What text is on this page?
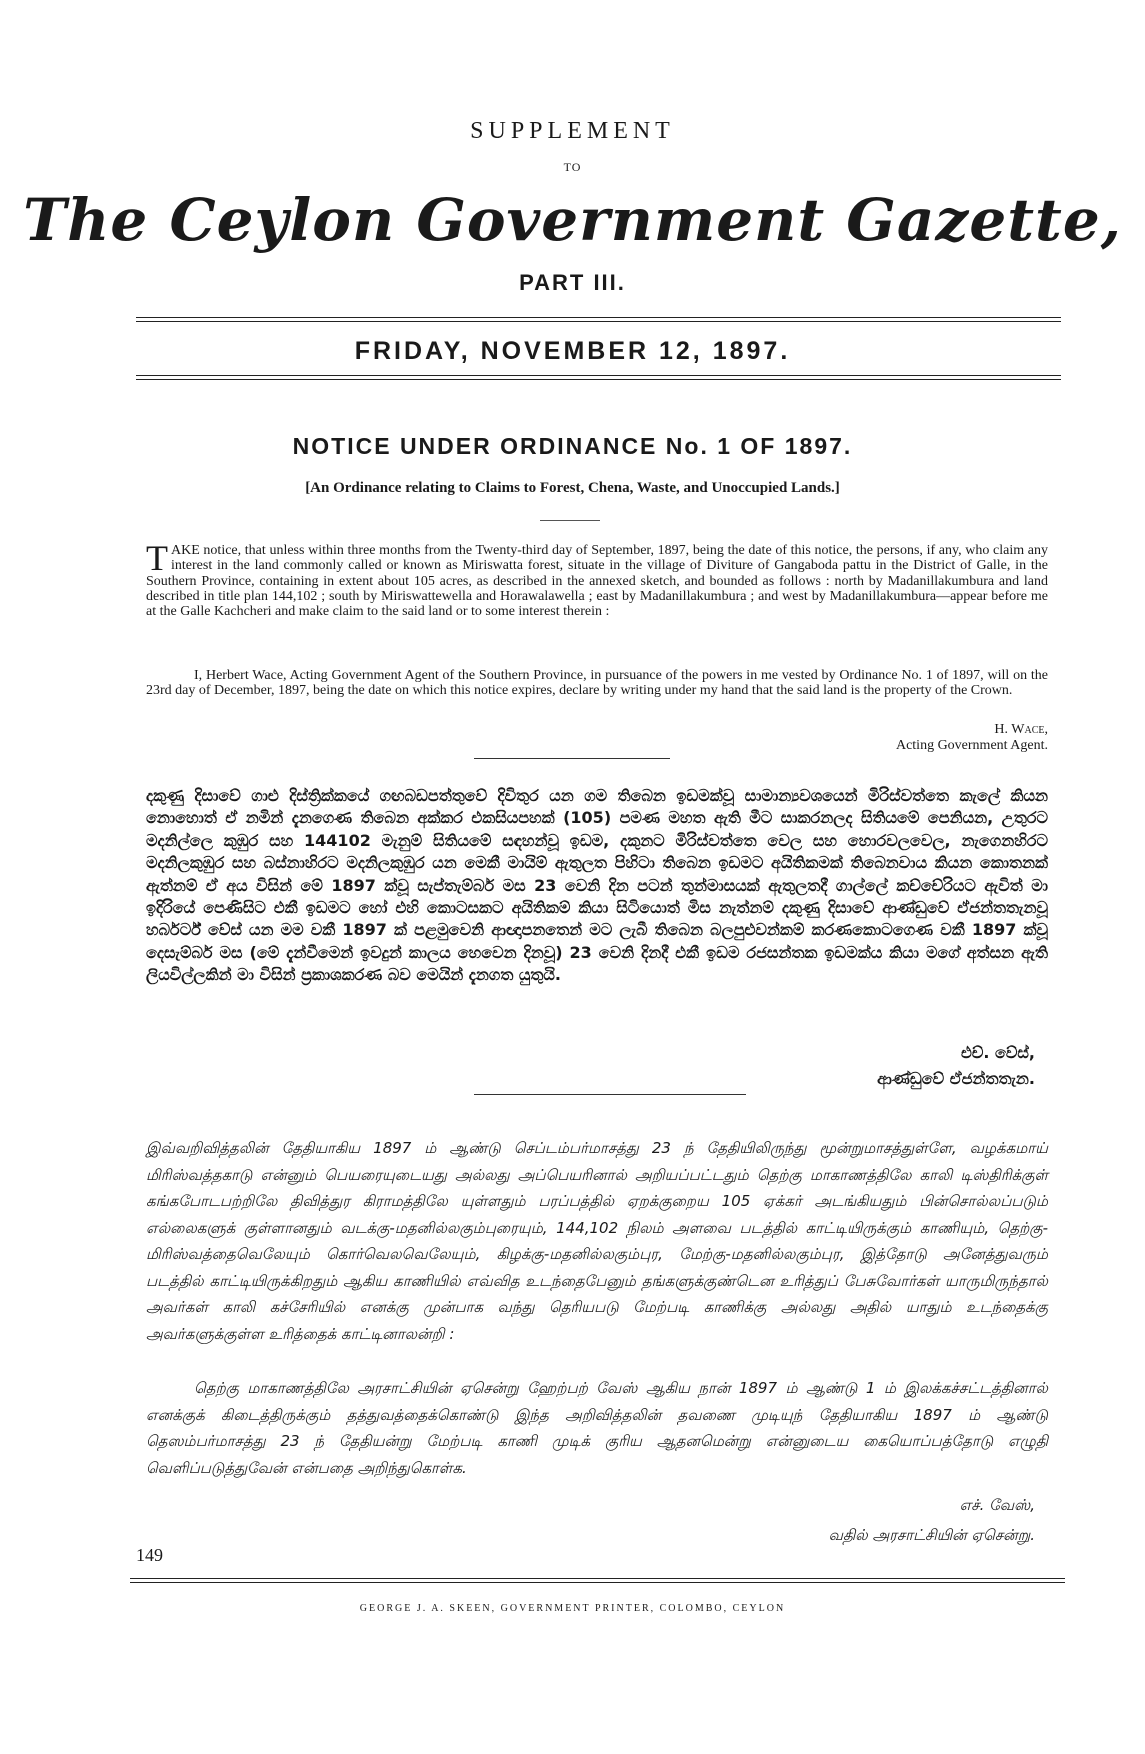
SUPPLEMENT
TO
The Ceylon Government Gazette,
PART III.
FRIDAY, NOVEMBER 12, 1897.
NOTICE UNDER ORDINANCE No. 1 OF 1897.
[An Ordinance relating to Claims to Forest, Chena, Waste, and Unoccupied Lands.]

TAKE notice, that unless within three months from the Twenty-third day of September, 1897, being the date of this notice, the persons, if any, who claim any interest in the land commonly called or known as Miriswatta forest, situate in the village of Diviture of Gangaboda pattu in the District of Galle, in the Southern Province, containing in extent about 105 acres, as described in the annexed sketch, and bounded as follows : north by Madanillakumbura and land described in title plan 144,102 ; south by Miriswattewella and Horawalawella ; east by Madanillakumbura ; and west by Madanillakumbura—appear before me at the Galle Kachcheri and make claim to the said land or to some interest therein :

I, Herbert Wace, Acting Government Agent of the Southern Province, in pursuance of the powers in me vested by Ordinance No. 1 of 1897, will on the 23rd day of December, 1897, being the date on which this notice expires, declare by writing under my hand that the said land is the property of the Crown.

H. Wace,
Acting Government Agent.

දකුණු දිසාවේ ගාළු දිස්ත්‍රික්කයේ ගඟබඩපත්තුවේ දිවිතුර යන ගම තිබෙන ඉඩමක්වූ සාමාන්‍යවශයෙන් මිරිස්වත්තෙ කැලේ කියන නොහොත් ඒ නමින් දැනගෙණ තිබෙන අක්කර එකසියපහක් (105) පමණ මහත ඇති මීට සාකරනලද සිතියමේ පෙනියන, උතුරට මදනිල්ලෙ කුඹුර සහ 144102 මැනුම් සිතියමේ සඳහන්වූ ඉඩම, දකුනට මිරිස්වත්තෙ වෙල සහ හොරවලවෙල, නැගෙනහිරට මදනිලකුඹුර සහ බස්නාහිරට මදනිලකුඹුර යන මෙකී මායිම් ඇතුලත පිහිටා තිබෙන ඉඩමට අයිතිකමක් තිබෙනවාය කියන කොතනක් ඇත්නම් ඒ අය විසින් මේ 1897 ක්වූ සැප්තැම්බර් මස 23 වෙනි දින පටන් තුන්මාසයක් ඇතුලතදී ගාල්ලේ කච්චේරියට ඇවිත් මා ඉදිරියේ පෙණිසිට එකී ඉඩමට හෝ එහි කොටසකට අයිතිකම් කියා සිටියොත් මිස නැත්නම් දකුණු දිසාවේ ආණ්ඩුවේ ඒජන්තතැනවූ හර්බර්ට් වේස් යන මම වකී 1897 ක් පළමුවෙනි ආඥාපනතෙන් මට ලැබී තිබෙන බලපුළුවන්කම් කරණකොටගෙණ වකී 1897 ක්වූ දෙසැම්බර් මස (මේ දැන්වීමෙන් ඉවදුන් කාලය හෙවෙන දිනවූ) 23 වෙනි දිනදී එකී ඉඩම රජසන්තක ඉඩමක්ය කියා මගේ අත්සන ඇති ලියවිල්ලකින් මා විසින් ප්‍රකාශකරණ බව මෙයින් දැනගත යුතුයි.

එච්. වේස්,
ආණ්ඩුවේ ඒජන්තතැන.

இவ்வறிவித்தலின் தேதியாகிய 1897 ம் ஆண்டு செப்டம்பர்மாசத்து 23 ந் தேதியிலிருந்து மூன்றுமாசத்துள்ளே, வழக்கமாய் மிரிஸ்வத்தகாடு என்னும் பெயரையுடையது அல்லது அப்பெயரினால் அறியப்பட்டதும் தெற்கு மாகாணத்திலே காலி டிஸ்திரிக்குள் கங்கபோடபற்றிலே திவித்துர கிராமத்திலே யுள்ளதும் பரப்பத்தில் ஏறக்குறைய 105 ஏக்கர் அடங்கியதும் பின்சொல்லப்படும் எல்லைகளுக் குள்ளானதும் வடக்கு-மதனில்லகும்புரையும், 144,102 நிலம் அளவை படத்தில் காட்டியிருக்கும் காணியும், தெற்கு-மிரிஸ்வத்தைவெலேயும் கொர்வெலவெலேயும், கிழக்கு-மதனில்லகும்புர, மேற்கு-மதனில்லகும்புர, இத்தோடு அனேத்துவரும் படத்தில் காட்டியிருக்கிறதும் ஆகிய காணியில் எவ்வித உடந்தைபேனும் தங்களுக்குண்டென உரித்துப் பேசுவோர்கள் யாருமிருந்தால் அவர்கள் காலி கச்சேரியில் எனக்கு முன்பாக வந்து தெரியபடு மேற்படி காணிக்கு அல்லது அதில் யாதும் உடந்தைக்கு அவர்களுக்குள்ள உரித்தைக் காட்டினாலன்றி :

தெற்கு மாகாணத்திலே அரசாட்சியின் ஏசென்று ஹேற்பற் வேஸ் ஆகிய நான் 1897 ம் ஆண்டு 1 ம் இலக்கச்சட்டத்தினால் எனக்குக் கிடைத்திருக்கும் தத்துவத்தைக்கொண்டு இந்த அறிவித்தலின் தவணை முடியுந் தேதியாகிய 1897 ம் ஆண்டு தெஸம்பர்மாசத்து 23 ந் தேதியன்று மேற்படி காணி முடிக் குரிய ஆதனமென்று என்னுடைய கையொப்பத்தோடு எழுதி வெளிப்படுத்துவேன் என்பதை அறிந்துகொள்க.

எச். வேஸ்,
வதில் அரசாட்சியின் ஏசென்று.
149
GEORGE J. A. SKEEN, GOVERNMENT PRINTER, COLOMBO, CEYLON
